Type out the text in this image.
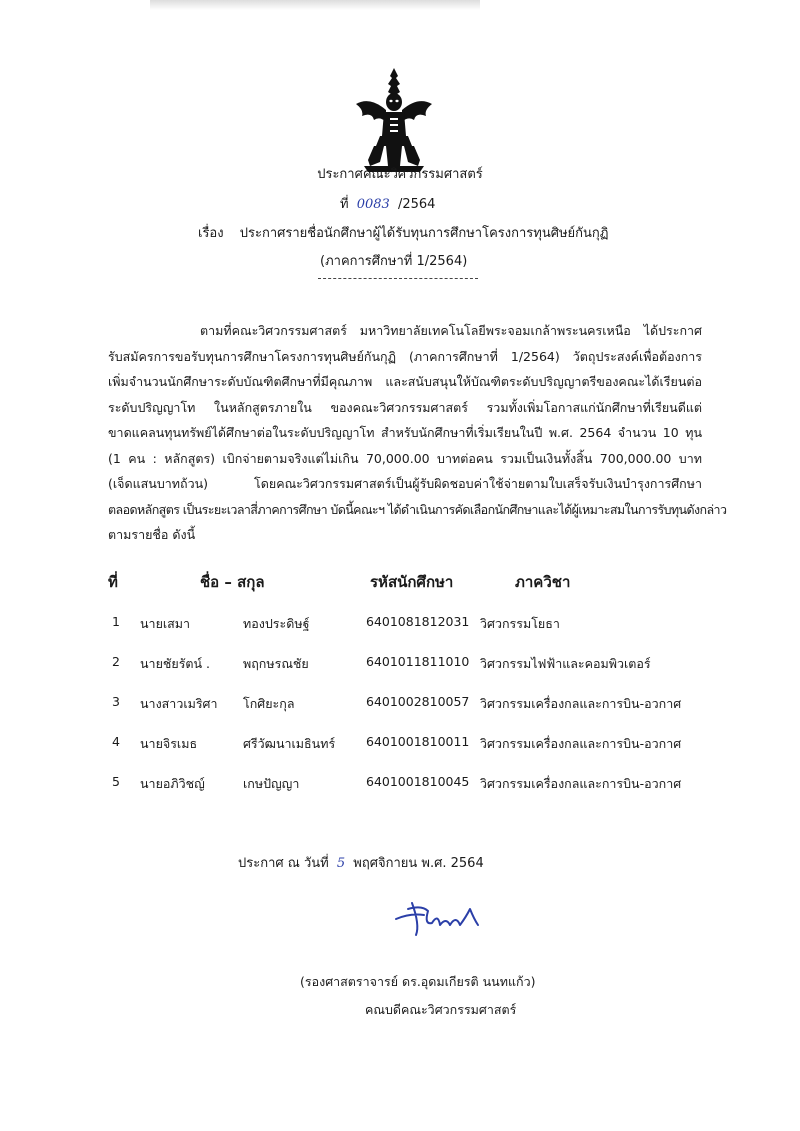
ประกาศคณะวิศวกรรมศาสตร์
ที่ 0083 /2564
เรื่อง ประกาศรายชื่อนักศึกษาผู้ได้รับทุนการศึกษาโครงการทุนศิษย์กันกุฏิ
(ภาคการศึกษาที่ 1/2564)
ตามที่คณะวิศวกรรมศาสตร์ มหาวิทยาลัยเทคโนโลยีพระจอมเกล้าพระนครเหนือ ได้ประกาศ
รับสมัครการขอรับทุนการศึกษาโครงการทุนศิษย์กันกุฏิ (ภาคการศึกษาที่ 1/2564) วัตถุประสงค์เพื่อต้องการ
เพิ่มจำนวนนักศึกษาระดับบัณฑิตศึกษาที่มีคุณภาพ และสนับสนุนให้บัณฑิตระดับปริญญาตรีของคณะได้เรียนต่อ
ระดับปริญญาโท ในหลักสูตรภายใน ของคณะวิศวกรรมศาสตร์ รวมทั้งเพิ่มโอกาสแก่นักศึกษาที่เรียนดีแต่
ขาดแคลนทุนทรัพย์ได้ศึกษาต่อในระดับปริญญาโท สำหรับนักศึกษาที่เริ่มเรียนในปี พ.ศ. 2564 จำนวน 10 ทุน
(1 คน : หลักสูตร) เบิกจ่ายตามจริงแต่ไม่เกิน 70,000.00 บาทต่อคน รวมเป็นเงินทั้งสิ้น 700,000.00 บาท
(เจ็ดแสนบาทถ้วน) โดยคณะวิศวกรรมศาสตร์เป็นผู้รับผิดชอบค่าใช้จ่ายตามใบเสร็จรับเงินบำรุงการศึกษา
ตลอดหลักสูตร เป็นระยะเวลาสี่ภาคการศึกษา บัดนี้คณะฯ ได้ดำเนินการคัดเลือกนักศึกษาและได้ผู้เหมาะสมในการรับทุนดังกล่าว
ตามรายชื่อ ดังนี้
ที่	ชื่อ – สกุล	รหัสนักศึกษา	ภาควิชา
1 นายเสมา	ทองประดิษฐ์	6401081812031 วิศวกรรมโยธา
2 นายชัยรัตน์ .	พฤกษรณชัย	6401011811010 วิศวกรรมไฟฟ้าและคอมพิวเตอร์
3 นางสาวเมริศา โกศิยะกุล	6401002810057 วิศวกรรมเครื่องกลและการบิน-อวกาศ
4 นายจิรเมธ	ศรีวัฒนาเมธินทร์ 6401001810011 วิศวกรรมเครื่องกลและการบิน-อวกาศ
5 นายอภิวิชญ์	เกษปัญญา	6401001810045 วิศวกรรมเครื่องกลและการบิน-อวกาศ
ประกาศ ณ วันที่ 5 พฤศจิกายน พ.ศ. 2564
(รองศาสตราจารย์ ดร.อุดมเกียรติ นนทแก้ว)
คณบดีคณะวิศวกรรมศาสตร์
